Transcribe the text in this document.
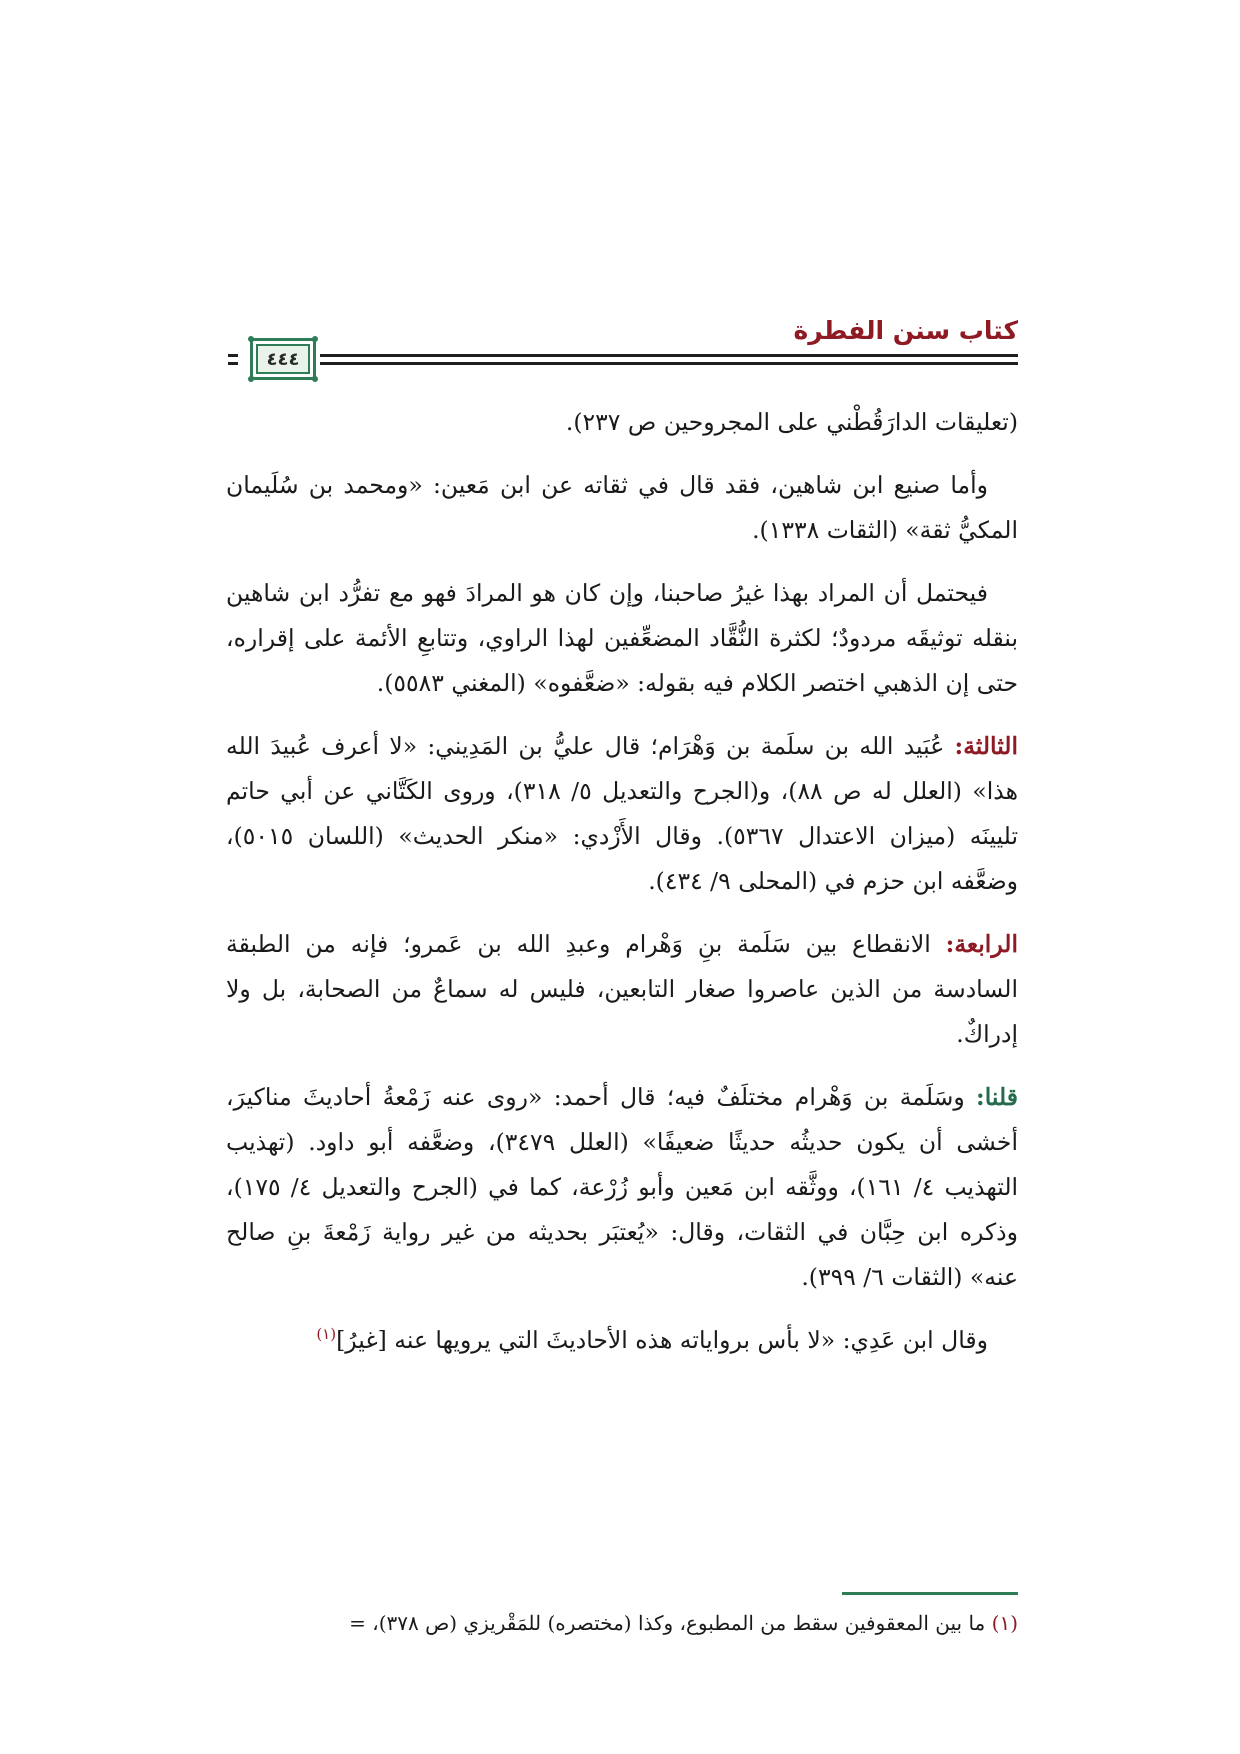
كتاب سنن الفطرة
٤٤٤

(تعليقات الدارَقُطْني على المجروحين ص ٢٣٧).

وأما صنيع ابن شاهين، فقد قال في ثقاته عن ابن مَعين: «ومحمد بن سُلَيمان المكيُّ ثقة» (الثقات ١٣٣٨).

فيحتمل أن المراد بهذا غيرُ صاحبنا، وإن كان هو المرادَ فهو مع تفرُّد ابن شاهين بنقله توثيقَه مردودٌ؛ لكثرة النُّقَّاد المضعِّفين لهذا الراوي، وتتابعِ الأئمة على إقراره، حتى إن الذهبي اختصر الكلام فيه بقوله: «ضعَّفوه» (المغني ٥٥٨٣).

الثالثة: عُبَيد الله بن سلَمة بن وَهْرَام؛ قال عليُّ بن المَدِيني: «لا أعرف عُبيدَ الله هذا» (العلل له ص ٨٨)، و(الجرح والتعديل ٥/ ٣١٨)، وروى الكَتَّاني عن أبي حاتم تليينَه (ميزان الاعتدال ٥٣٦٧). وقال الأَزْدي: «منكر الحديث» (اللسان ٥٠١٥)، وضعَّفه ابن حزم في (المحلى ٩/ ٤٣٤).

الرابعة: الانقطاع بين سَلَمة بنِ وَهْرام وعبدِ الله بن عَمرو؛ فإنه من الطبقة السادسة من الذين عاصروا صغار التابعين، فليس له سماعٌ من الصحابة، بل ولا إدراكٌ.

قلنا: وسَلَمة بن وَهْرام مختلَفٌ فيه؛ قال أحمد: «روى عنه زَمْعةُ أحاديثَ مناكيرَ، أخشى أن يكون حديثُه حديثًا ضعيفًا» (العلل ٣٤٧٩)، وضعَّفه أبو داود. (تهذيب التهذيب ٤/ ١٦١)، ووثَّقه ابن مَعين وأبو زُرْعة، كما في (الجرح والتعديل ٤/ ١٧٥)، وذكره ابن حِبَّان في الثقات، وقال: «يُعتبَر بحديثه من غير رواية زَمْعةَ بنِ صالح عنه» (الثقات ٦/ ٣٩٩).

وقال ابن عَدِي: «لا بأس برواياته هذه الأحاديثَ التي يرويها عنه [غيرُ]$^{(١)}$

(١) ما بين المعقوفين سقط من المطبوع، وكذا (مختصره) للمَقْريزي (ص ٣٧٨)، =
